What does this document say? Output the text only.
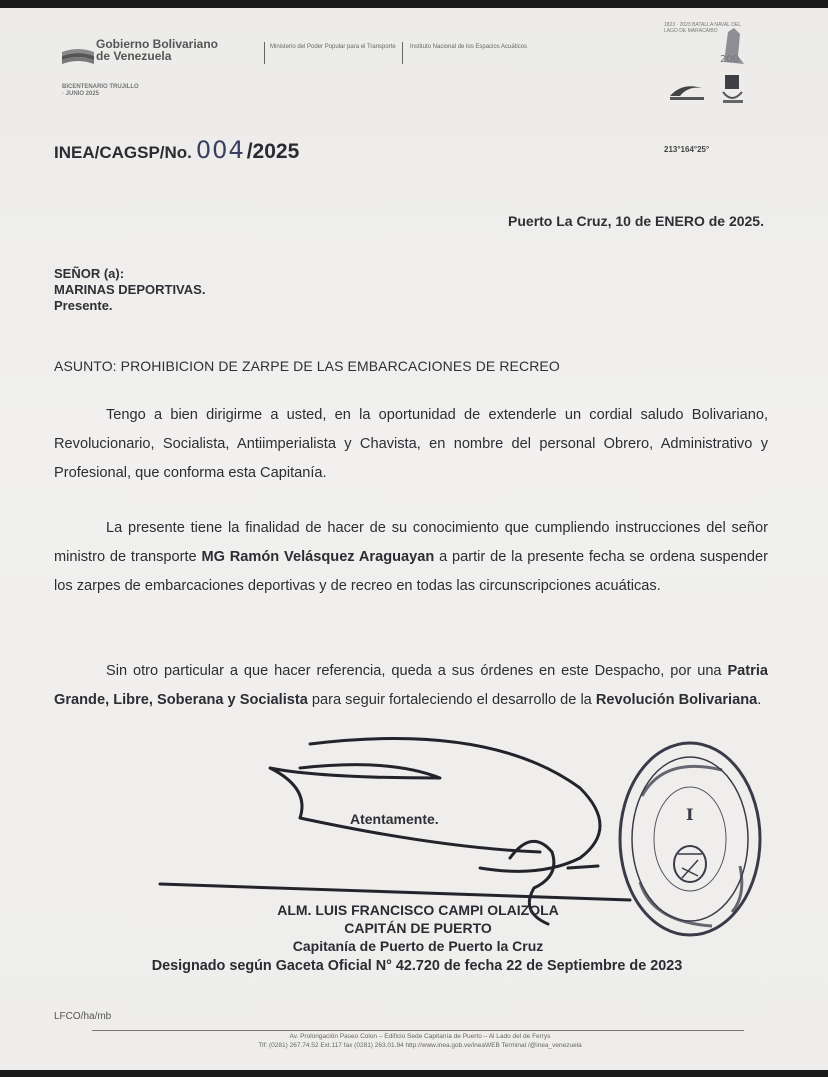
Gobierno Bolivariano
de Venezuela
Ministerio del Poder Popular para el Transporte Instituto Nacional de los Espacios Acuáticos
BICENTENARIO TRUJILLO · JUNIO 2025
1823 · 2023 BATALLA NAVAL DEL LAGO DE MARACAIBO
200
INEA/CAGSP/No. 004/2025	213°164°25°
Puerto La Cruz, 10 de ENERO de 2025.
SEÑOR (a):
MARINAS DEPORTIVAS.
Presente.
ASUNTO: PROHIBICION DE ZARPE DE LAS EMBARCACIONES DE RECREO

Tengo a bien dirigirme a usted, en la oportunidad de extenderle un cordial saludo Bolivariano, Revolucionario, Socialista, Antiimperialista y Chavista, en nombre del personal Obrero, Administrativo y Profesional, que conforma esta Capitanía.

La presente tiene la finalidad de hacer de su conocimiento que cumpliendo instrucciones del señor ministro de transporte MG Ramón Velásquez Araguayan a partir de la presente fecha se ordena suspender los zarpes de embarcaciones deportivas y de recreo en todas las circunscripciones acuáticas.

Sin otro particular a que hacer referencia, queda a sus órdenes en este Despacho, por una Patria Grande, Libre, Soberana y Socialista para seguir fortaleciendo el desarrollo de la Revolución Bolivariana.

I
Atentamente.
ALM. LUIS FRANCISCO CAMPI OLAIZOLA
CAPITÁN DE PUERTO
Capitanía de Puerto de Puerto la Cruz
Designado según Gaceta Oficial N° 42.720 de fecha 22 de Septiembre de 2023
LFCO/ha/mb
Av. Prolongación Paseo Colon – Edificio Sede Capitanía de Puerto – Al Lado del de Ferrys
Tlf: (0281) 267.74.52 Ext.117 fax (0281) 263.01.94 http://www.inea.gob.ve/ineaWEB Terminal /@inea_venezuela
